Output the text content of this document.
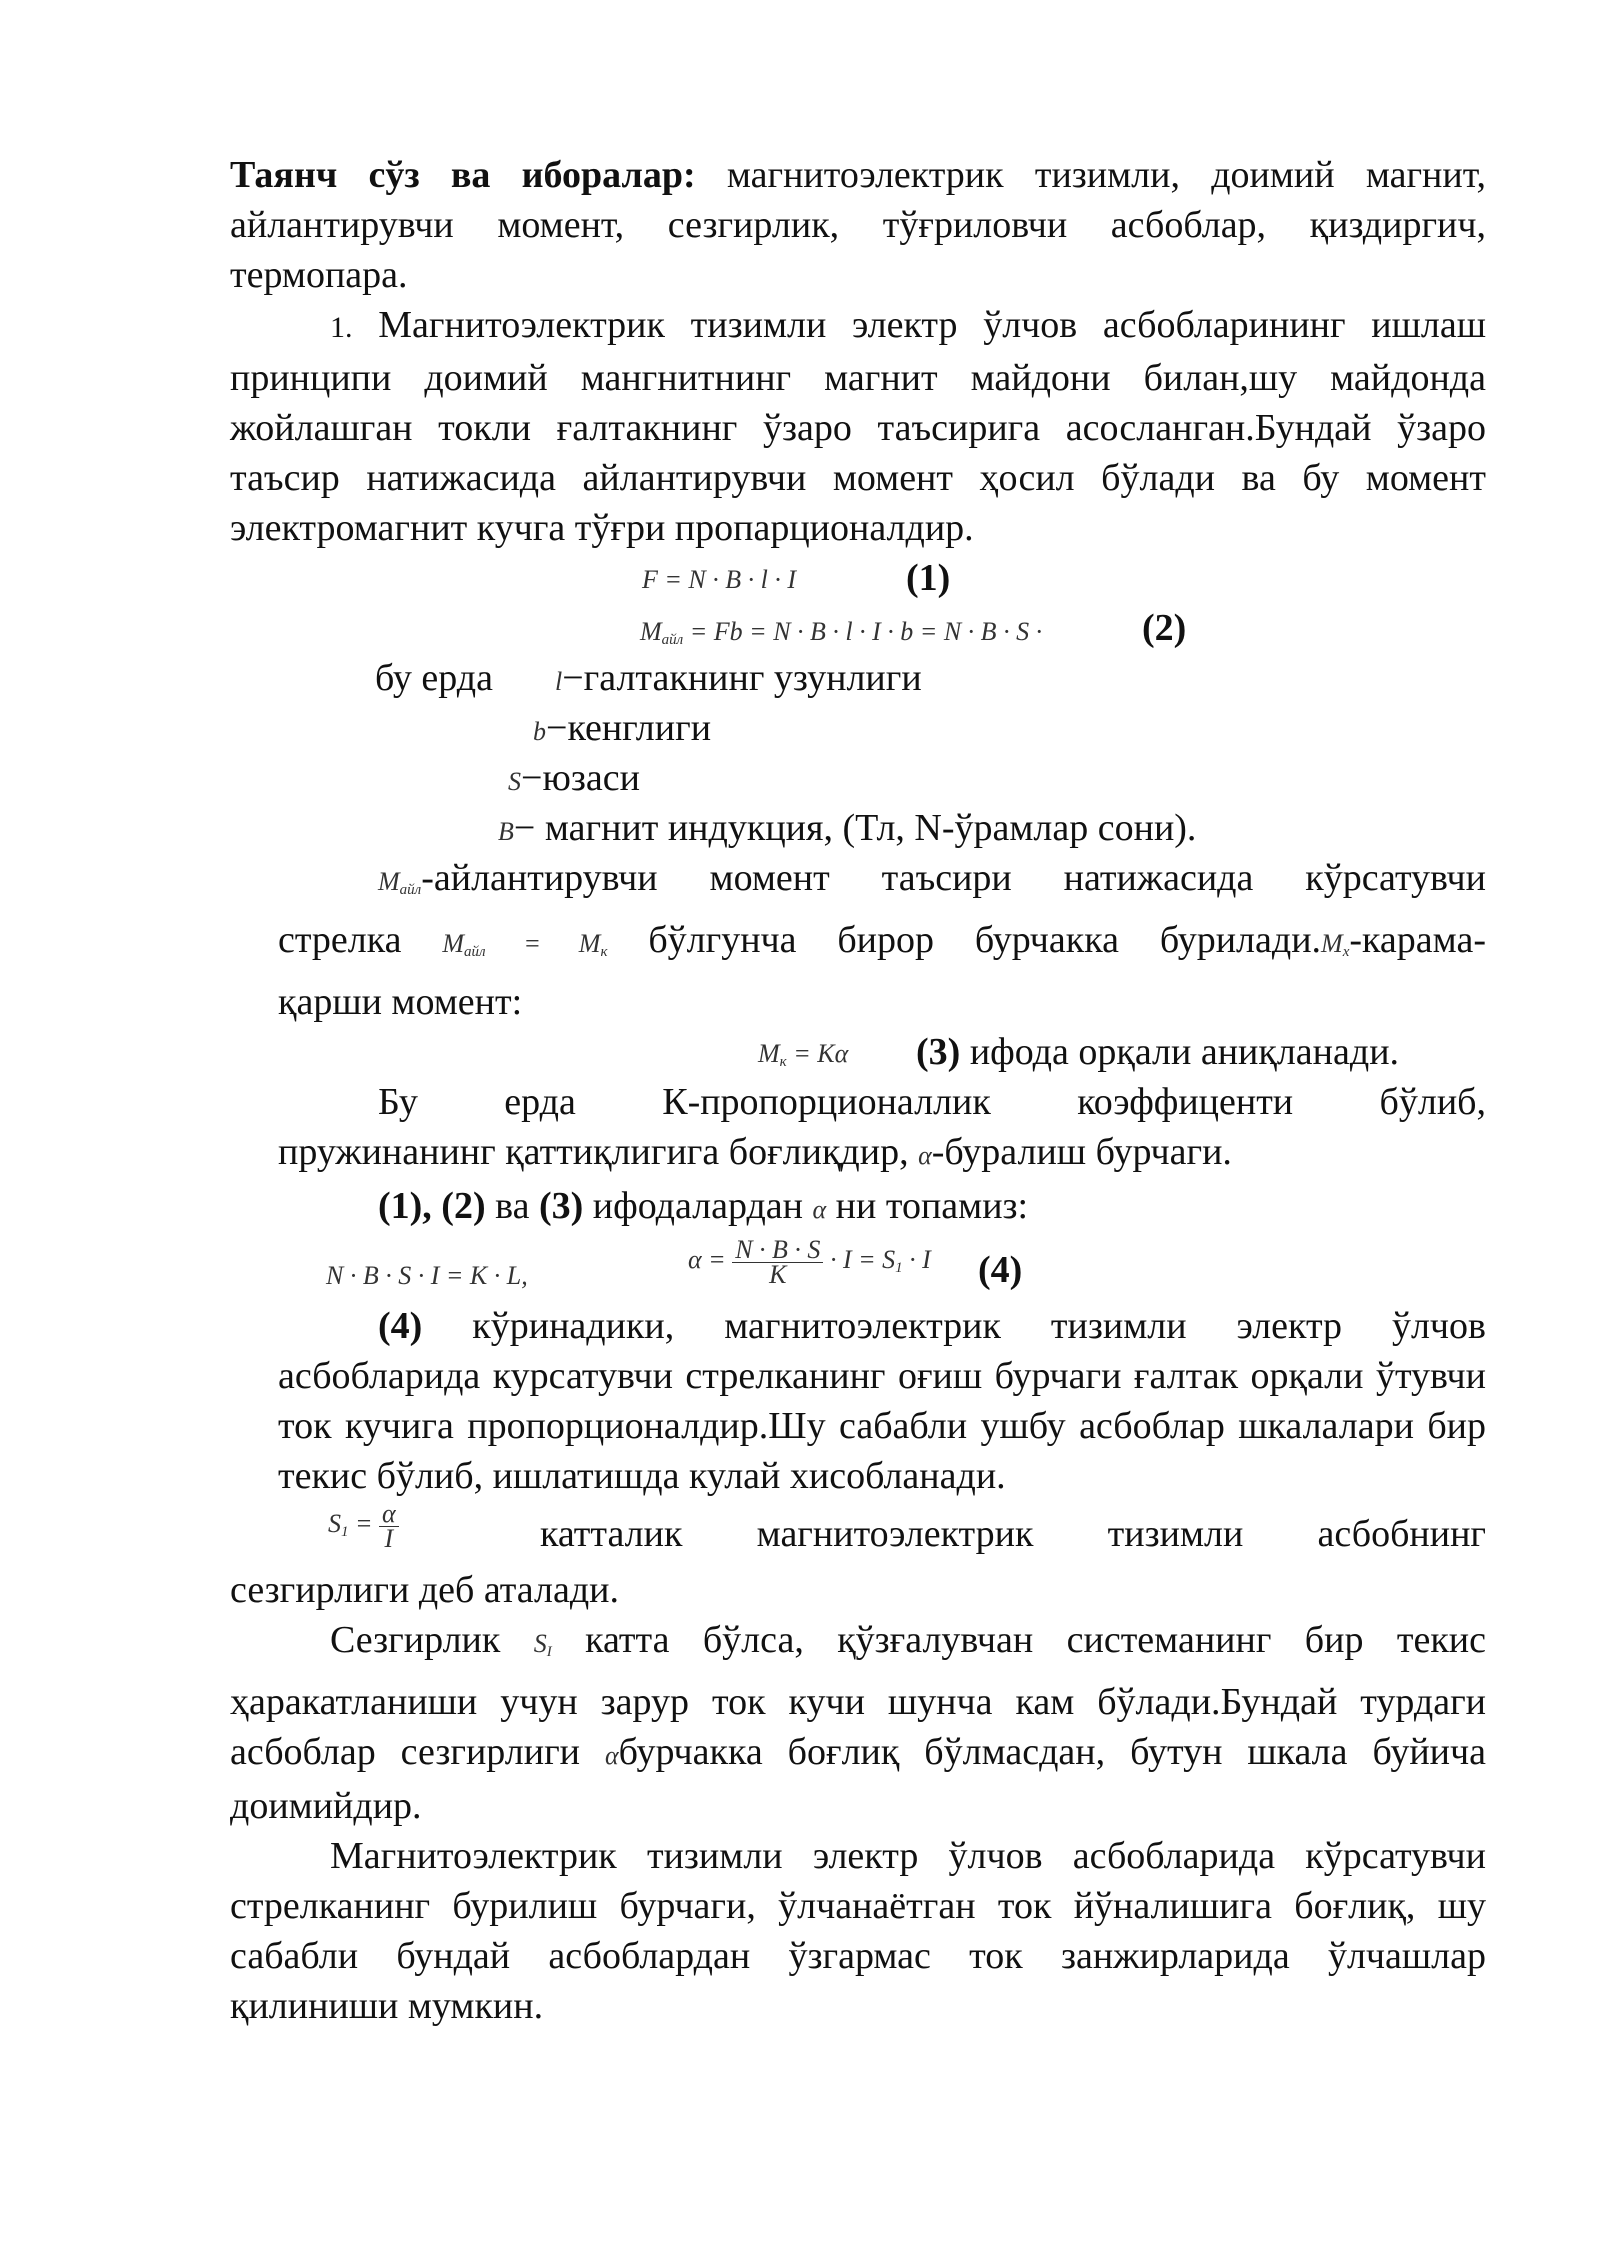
Таянч сўз ва иборалар: магнитоэлектрик тизимли, доимий магнит, айлантирувчи момент, сезгирлик, тўғриловчи асбоблар, қиздиргич, термопара.

1. Магнитоэлектрик тизимли электр ўлчов асбобларининг ишлаш принципи доимий мангнитнинг магнит майдони билан,шу майдонда жойлашган токли ғалтакнинг ўзаро таъсирига асосланган.Бундай ўзаро таъсир натижасида айлантирувчи момент ҳосил бўлади ва бу момент электромагнит кучга тўғри пропарционалдир.

F = N · B · l · I	(1)
$M_{айл} = Fb = N \cdot B \cdot l \cdot I \cdot b = N \cdot B \cdot S$ ·	(2)
бу ерда l−галтакнинг узунлиги
b−кенглиги
S−юзаси
B− магнит индукция, (Тл, N-ўрамлар сони).

$M_{айл}$-айлантирувчи момент таъсири натижасида кўрсатувчи

стрелка $M_{айл} = M_к$ бўлгунча бирор бурчакка $бурилади.M_х-карама-$

қарши момент:

$M_к = K\alpha$ (3) ифода орқали аниқланади.

Бу ерда К-пропорционаллик коэффиценти бўлиб,

пружинанинг қаттиқлигига боғлиқдир, α-буралиш бурчаги.

(1), (2) ва (3) ифодалардан α ни топамиз:

N · B · S · I = K · L,
$\alpha = \frac{N \cdot B \cdot S}{K} \cdot I = S_1 \cdot I$ (4)

(4) кўринадики, магнитоэлектрик тизимли электр ўлчов асбобларида курсатувчи стрелканинг оғиш бурчаги ғалтак орқали ўтувчи ток кучига пропорционалдир.Шу сабабли ушбу асбоблар шкалалари бир текис бўлиб, ишлатишда кулай хисобланади.

$S_1 = \frac{\alpha}{I}$	катталик магнитоэлектрик тизимли асбобнинг

сезгирлиги деб аталади.

Сезгирлик $S_I$ катта бўлса, қўзғалувчан системанинг бир текис ҳаракатланиши учун зарур ток кучи шунча кам бўлади.Бундай турдаги асбоблар сезгирлиги αбурчакка боғлиқ бўлмасдан, бутун шкала буйича доимийдир.

Магнитоэлектрик тизимли электр ўлчов асбобларида кўрсатувчи стрелканинг бурилиш бурчаги, ўлчанаётган ток йўналишига боғлиқ, шу сабабли бундай асбоблардан ўзгармас ток занжирларида ўлчашлар қилиниши мумкин.
